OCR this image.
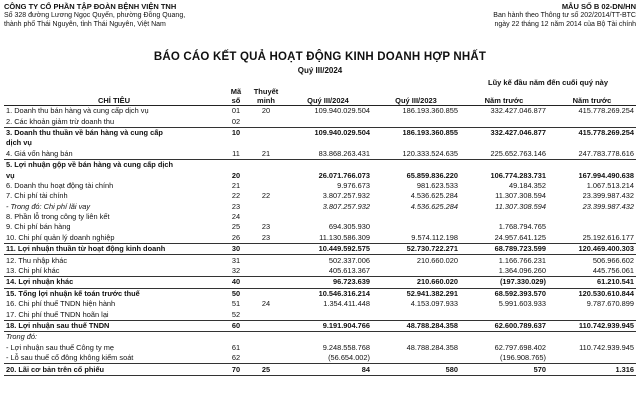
CÔNG TY CỔ PHẦN TẬP ĐOÀN BỆNH VIỆN TNH
Số 328 đường Lương Ngọc Quyến, phường Đồng Quang,
thành phố Thái Nguyên, tỉnh Thái Nguyên, Việt Nam
MẪU SỐ B 02-DN/HN
Ban hành theo Thông tư số 202/2014/TT-BTC
ngày 22 tháng 12 năm 2014 của Bộ Tài chính
BÁO CÁO KẾT QUẢ HOẠT ĐỘNG KINH DOANH HỢP NHẤT
Quý III/2024
					Lũy kế đầu năm đến cuối quý này	
CHỈ TIÊU	Mã số	Thuyết minh	Quý III/2024	Quý III/2023	Năm trước	Năm trước
1. Doanh thu bán hàng và cung cấp dịch vụ	01	20	109.940.029.504	186.193.360.855	332.427.046.877	415.778.269.254
2. Các khoản giảm trừ doanh thu	02					
3. Doanh thu thuần về bán hàng và cung cấp	10		109.940.029.504	186.193.360.855	332.427.046.877	415.778.269.254
dịch vụ						
4. Giá vốn hàng bán	11	21	83.868.263.431	120.333.524.635	225.652.763.146	247.783.778.616
5. Lợi nhuận gộp về bán hàng và cung cấp dịch						
vụ	20		26.071.766.073	65.859.836.220	106.774.283.731	167.994.490.638
6. Doanh thu hoạt động tài chính	21		9.976.673	981.623.533	49.184.352	1.067.513.214
7. Chi phí tài chính	22	22	3.807.257.932	4.536.625.284	11.307.308.594	23.399.987.432
- Trong đó: Chi phí lãi vay	23		3.807.257.932	4.536.625.284	11.307.308.594	23.399.987.432
8. Phần lỗ trong công ty liên kết	24					
9. Chi phí bán hàng	25	23	694.305.930		1.768.794.765	
10. Chi phí quản lý doanh nghiệp	26	23	11.130.586.309	9.574.112.198	24.957.641.125	25.192.616.177
11. Lợi nhuận thuần từ hoạt động kinh doanh	30		10.449.592.575	52.730.722.271	68.789.723.599	120.469.400.303
12. Thu nhập khác	31		502.337.006	210.660.020	1.166.766.231	506.966.602
13. Chi phí khác	32		405.613.367		1.364.096.260	445.756.061
14. Lợi nhuận khác	40		96.723.639	210.660.020	(197.330.029)	61.210.541
15. Tổng lợi nhuận kế toán trước thuế	50		10.546.316.214	52.941.382.291	68.592.393.570	120.530.610.844
16. Chi phí thuế TNDN hiện hành	51	24	1.354.411.448	4.153.097.933	5.991.603.933	9.787.670.899
17. Chi phí thuế TNDN hoãn lại	52					
18. Lợi nhuận sau thuế TNDN	60		9.191.904.766	48.788.284.358	62.600.789.637	110.742.939.945
Trong đó:						
- Lợi nhuận sau thuế Công ty mẹ	61		9.248.558.768	48.788.284.358	62.797.698.402	110.742.939.945
- Lỗ sau thuế cổ đông không kiểm soát	62		(56.654.002)		(196.908.765)	
20. Lãi cơ bản trên cổ phiếu	70	25	84	580	570	1.316
